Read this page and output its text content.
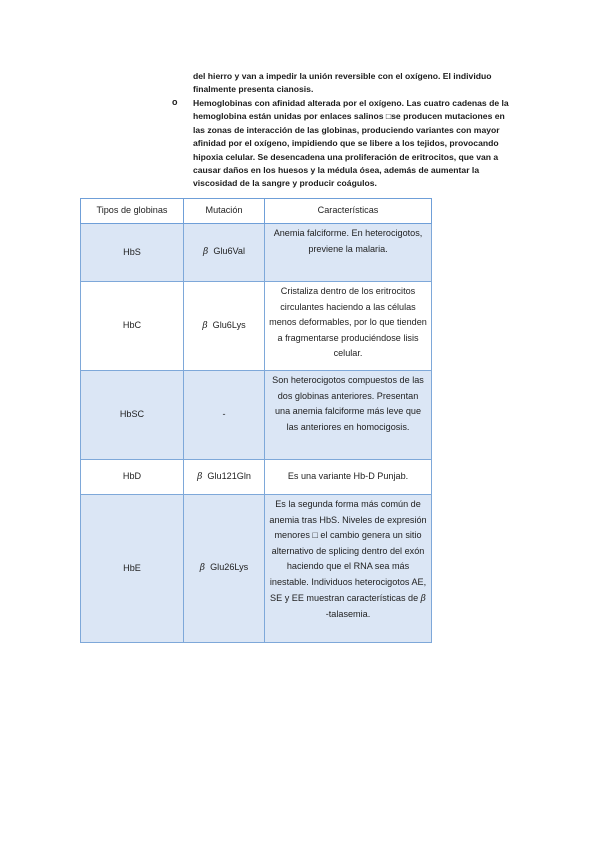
del hierro y van a impedir la unión reversible con el oxígeno. El individuo
finalmente presenta cianosis.
o Hemoglobinas con afinidad alterada por el oxígeno. Las cuatro cadenas de la
hemoglobina están unidas por enlaces salinos □se producen mutaciones en
las zonas de interacción de las globinas, produciendo variantes con mayor
afinidad por el oxígeno, impidiendo que se libere a los tejidos, provocando
hipoxia celular. Se desencadena una proliferación de eritrocitos, que van a
causar daños en los huesos y la médula ósea, además de aumentar la
viscosidad de la sangre y producir coágulos.
Tipos de globinas	Mutación	Características
HbS	β Glu6Val	Anemia falciforme. En heterocigotos, previene la malaria.
HbC	β Glu6Lys	Cristaliza dentro de los eritrocitos circulantes haciendo a las células menos deformables, por lo que tienden a fragmentarse produciéndose lisis celular.
HbSC	-	Son heterocigotos compuestos de las dos globinas anteriores. Presentan una anemia falciforme más leve que las anteriores en homocigosis.
HbD	β Glu121Gln	Es una variante Hb-D Punjab.
HbE	β Glu26Lys	Es la segunda forma más común de anemia tras HbS. Niveles de expresión menores □ el cambio genera un sitio alternativo de splicing dentro del exón haciendo que el RNA sea más inestable. Individuos heterocigotos AE, SE y EE muestran características de β -talasemia.
